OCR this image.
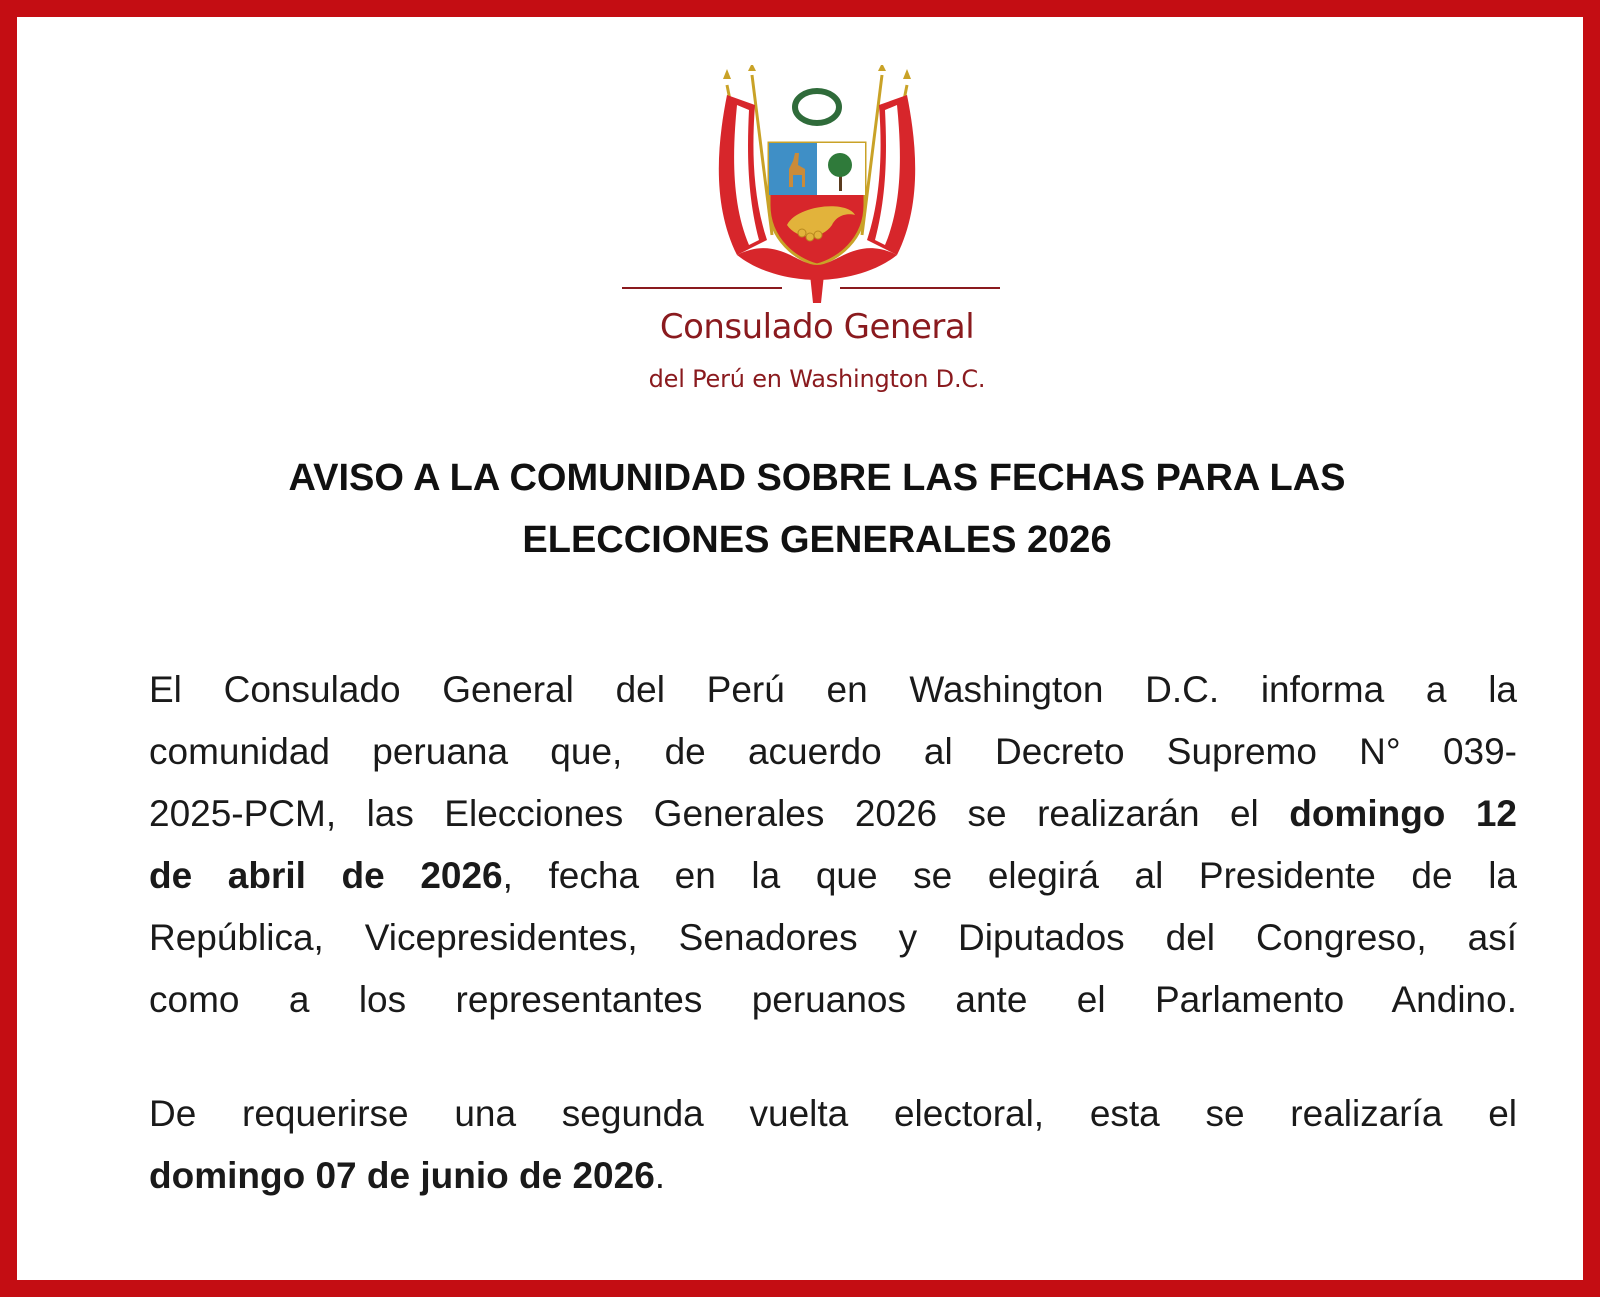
Consulado General
del Perú en Washington D.C.
AVISO A LA COMUNIDAD SOBRE LAS FECHAS PARA LAS
ELECCIONES GENERALES 2026
El Consulado General del Perú en Washington D.C. informa a la
comunidad peruana que, de acuerdo al Decreto Supremo N° 039-
2025-PCM, las Elecciones Generales 2026 se realizarán el domingo 12
de abril de 2026, fecha en la que se elegirá al Presidente de la
República, Vicepresidentes, Senadores y Diputados del Congreso, así
como a los representantes peruanos ante el Parlamento Andino.
De requerirse una segunda vuelta electoral, esta se realizaría el
domingo 07 de junio de 2026.
